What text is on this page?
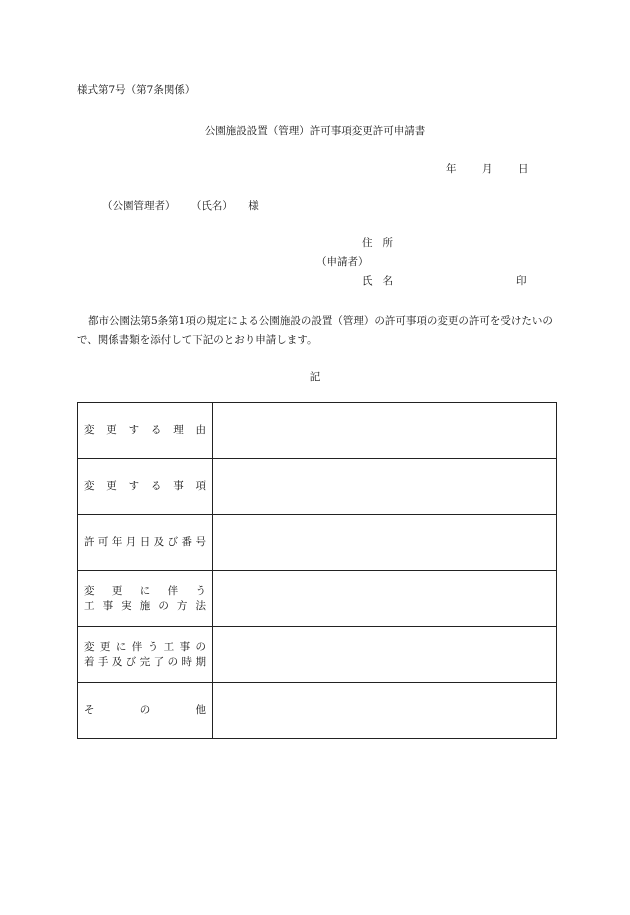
様式第7号（第7条関係）
公園施設設置（管理）許可事項変更許可申請書
年 月 日
（公園管理者） （氏名） 様
住所
（申請者）
氏名	印
都市公園法第5条第1項の規定による公園施設の設置（管理）の許可事項の変更の許可を受けたいので、関係書類を添付して下記のとおり申請します。
記
変更する理由	

変更する事項	

許可年月日及び番号	

変更に伴う
工事実施の方法	

変更に伴う工事の
着手及び完了の時期	

その他	
